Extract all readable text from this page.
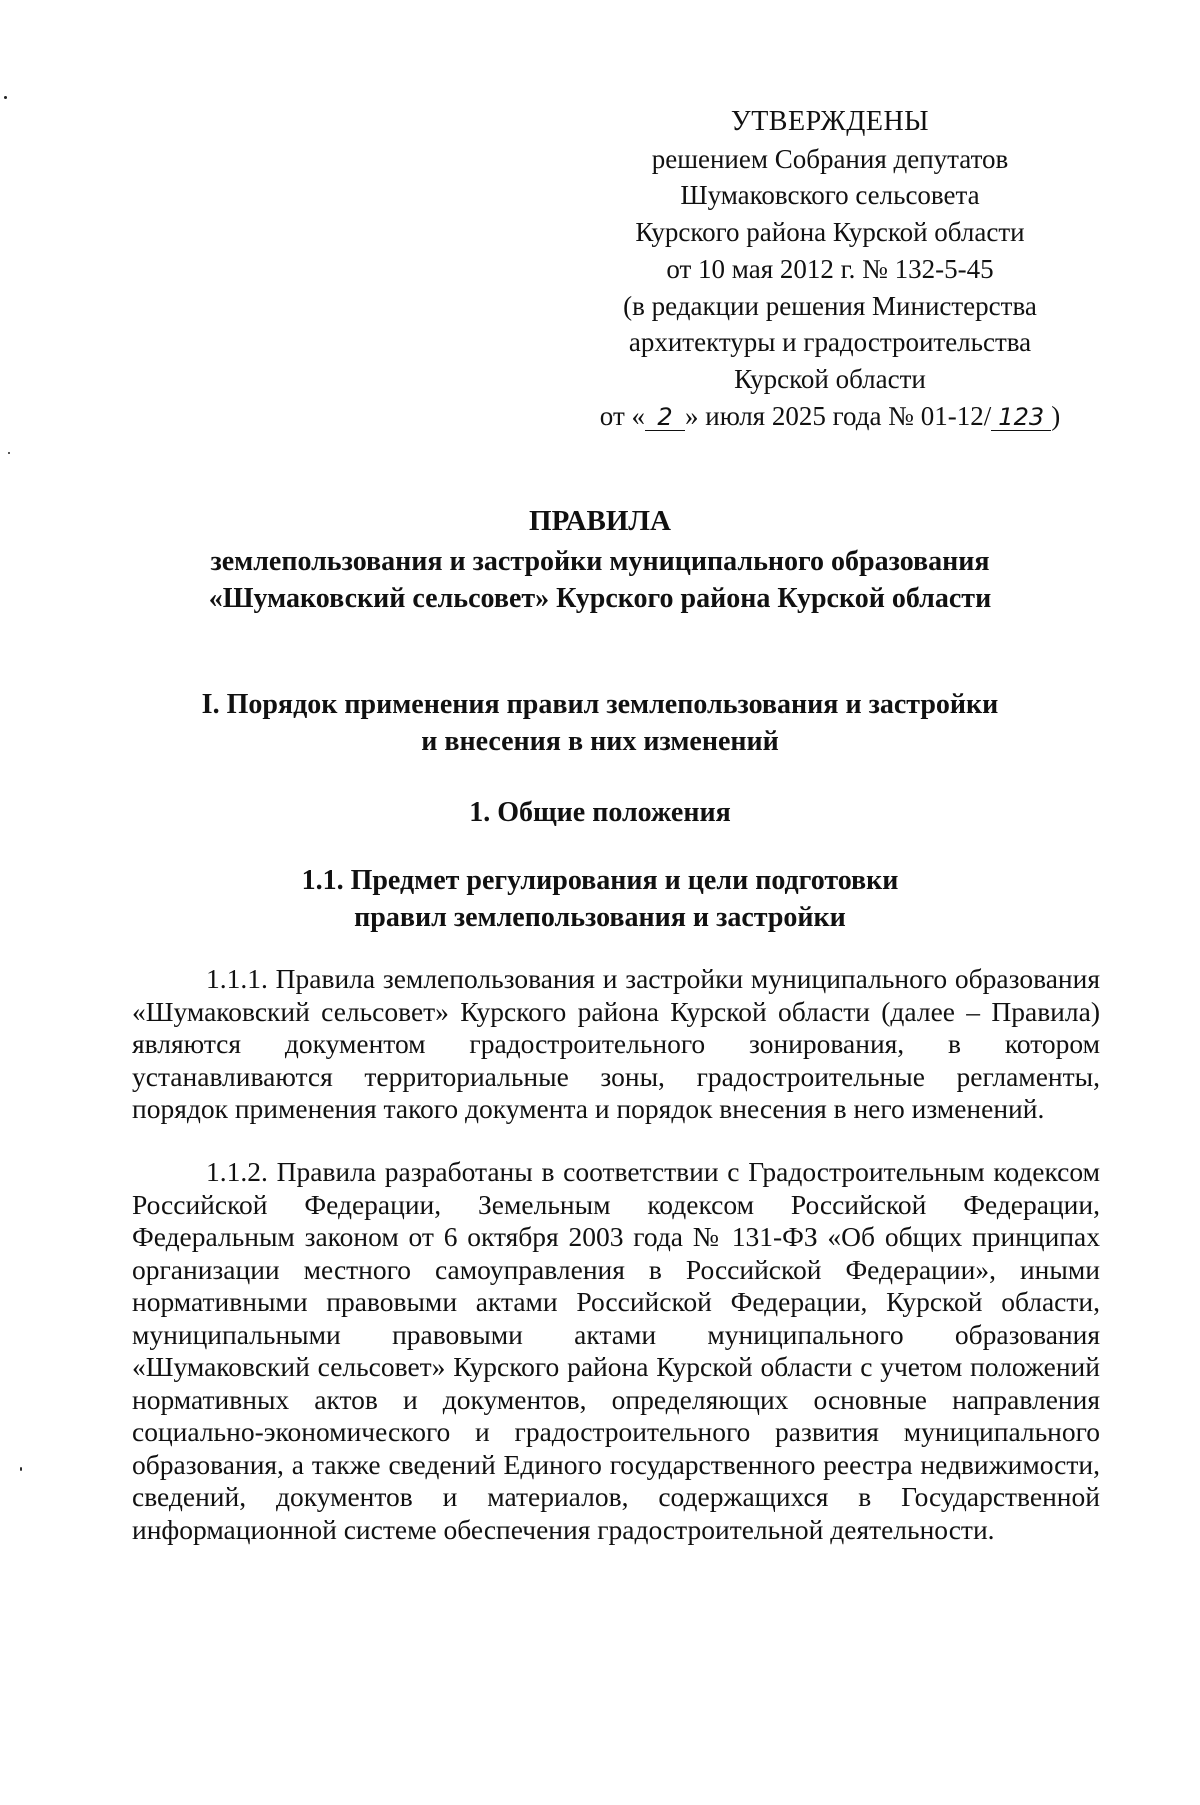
УТВЕРЖДЕНЫ
решением Собрания депутатов
Шумаковского сельсовета
Курского района Курской области
от 10 мая 2012 г. № 132-5-45
(в редакции решения Министерства
архитектуры и градостроительства
Курской области
от « 2 » июля 2025 года № 01-12/ 123 )
ПРАВИЛА
землепользования и застройки муниципального образования
«Шумаковский сельсовет» Курского района Курской области
I. Порядок применения правил землепользования и застройки
и внесения в них изменений
1. Общие положения
1.1. Предмет регулирования и цели подготовки
правил землепользования и застройки

1.1.1. Правила землепользования и застройки муниципального образования «Шумаковский сельсовет» Курского района Курской области (далее – Правила) являются документом градостроительного зонирования, в котором устанавливаются территориальные зоны, градостроительные регламенты, порядок применения такого документа и порядок внесения в него изменений.

1.1.2. Правила разработаны в соответствии с Градостроительным кодексом Российской Федерации, Земельным кодексом Российской Федерации, Федеральным законом от 6 октября 2003 года № 131-ФЗ «Об общих принципах организации местного самоуправления в Российской Федерации», иными нормативными правовыми актами Российской Федерации, Курской области, муниципальными правовыми актами муниципального образования «Шумаковский сельсовет» Курского района Курской области с учетом положений нормативных актов и документов, определяющих основные направления социально-экономического и градостроительного развития муниципального образования, а также сведений Единого государственного реестра недвижимости, сведений, документов и материалов, содержащихся в Государственной информационной системе обеспечения градостроительной деятельности.
